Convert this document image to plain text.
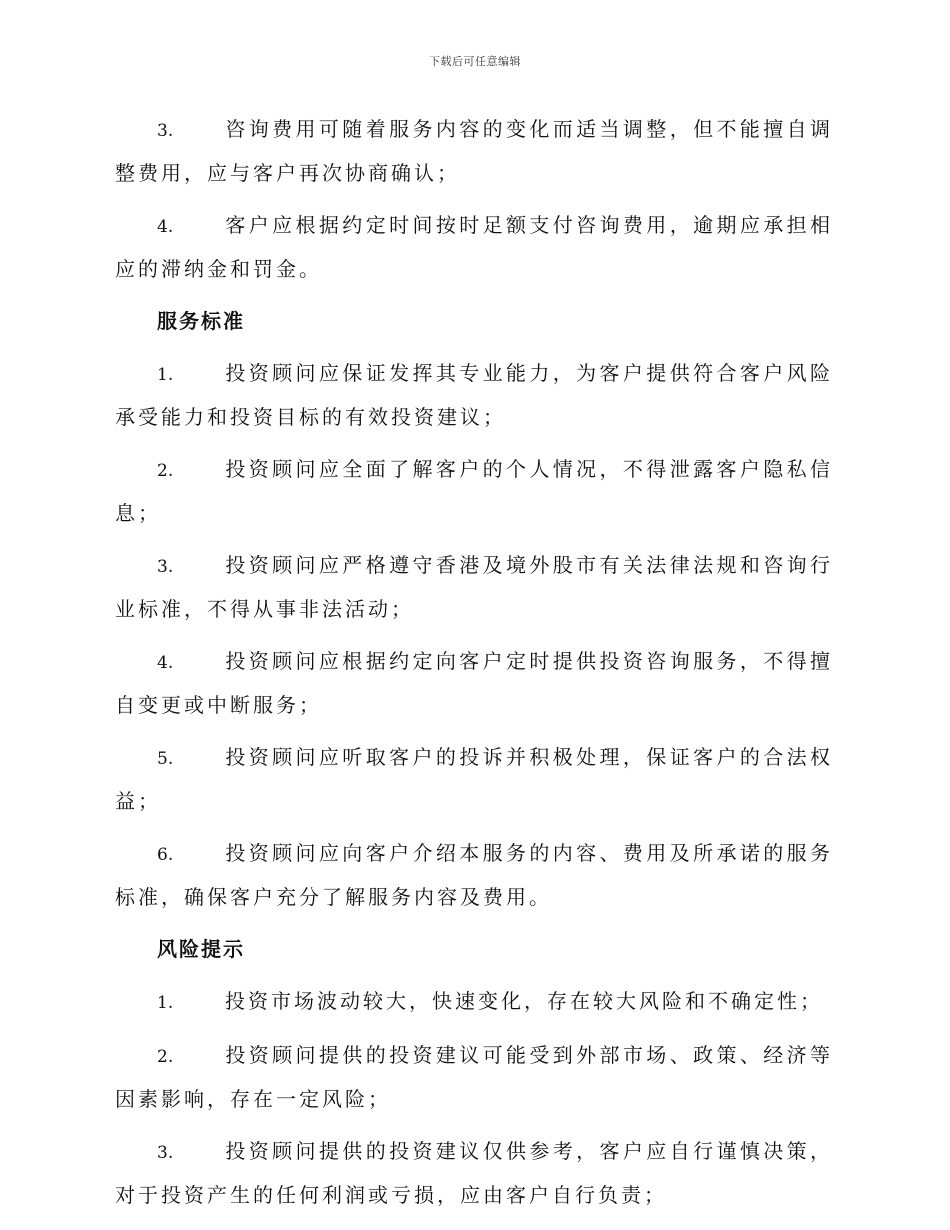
下载后可任意编辑

3.	咨询费用可随着服务内容的变化而适当调整，但不能擅自调整费用，应与客户再次协商确认；

4.	客户应根据约定时间按时足额支付咨询费用，逾期应承担相应的滞纳金和罚金。

服务标准

1.	投资顾问应保证发挥其专业能力，为客户提供符合客户风险承受能力和投资目标的有效投资建议；

2.	投资顾问应全面了解客户的个人情况，不得泄露客户隐私信息；

3.	投资顾问应严格遵守香港及境外股市有关法律法规和咨询行业标准，不得从事非法活动；

4.	投资顾问应根据约定向客户定时提供投资咨询服务，不得擅自变更或中断服务；

5.	投资顾问应听取客户的投诉并积极处理，保证客户的合法权益；

6.	投资顾问应向客户介绍本服务的内容、费用及所承诺的服务标准，确保客户充分了解服务内容及费用。

风险提示

1.	投资市场波动较大，快速变化，存在较大风险和不确定性；

2.	投资顾问提供的投资建议可能受到外部市场、政策、经济等因素影响，存在一定风险；

3.	投资顾问提供的投资建议仅供参考，客户应自行谨慎决策，对于投资产生的任何利润或亏损，应由客户自行负责；
